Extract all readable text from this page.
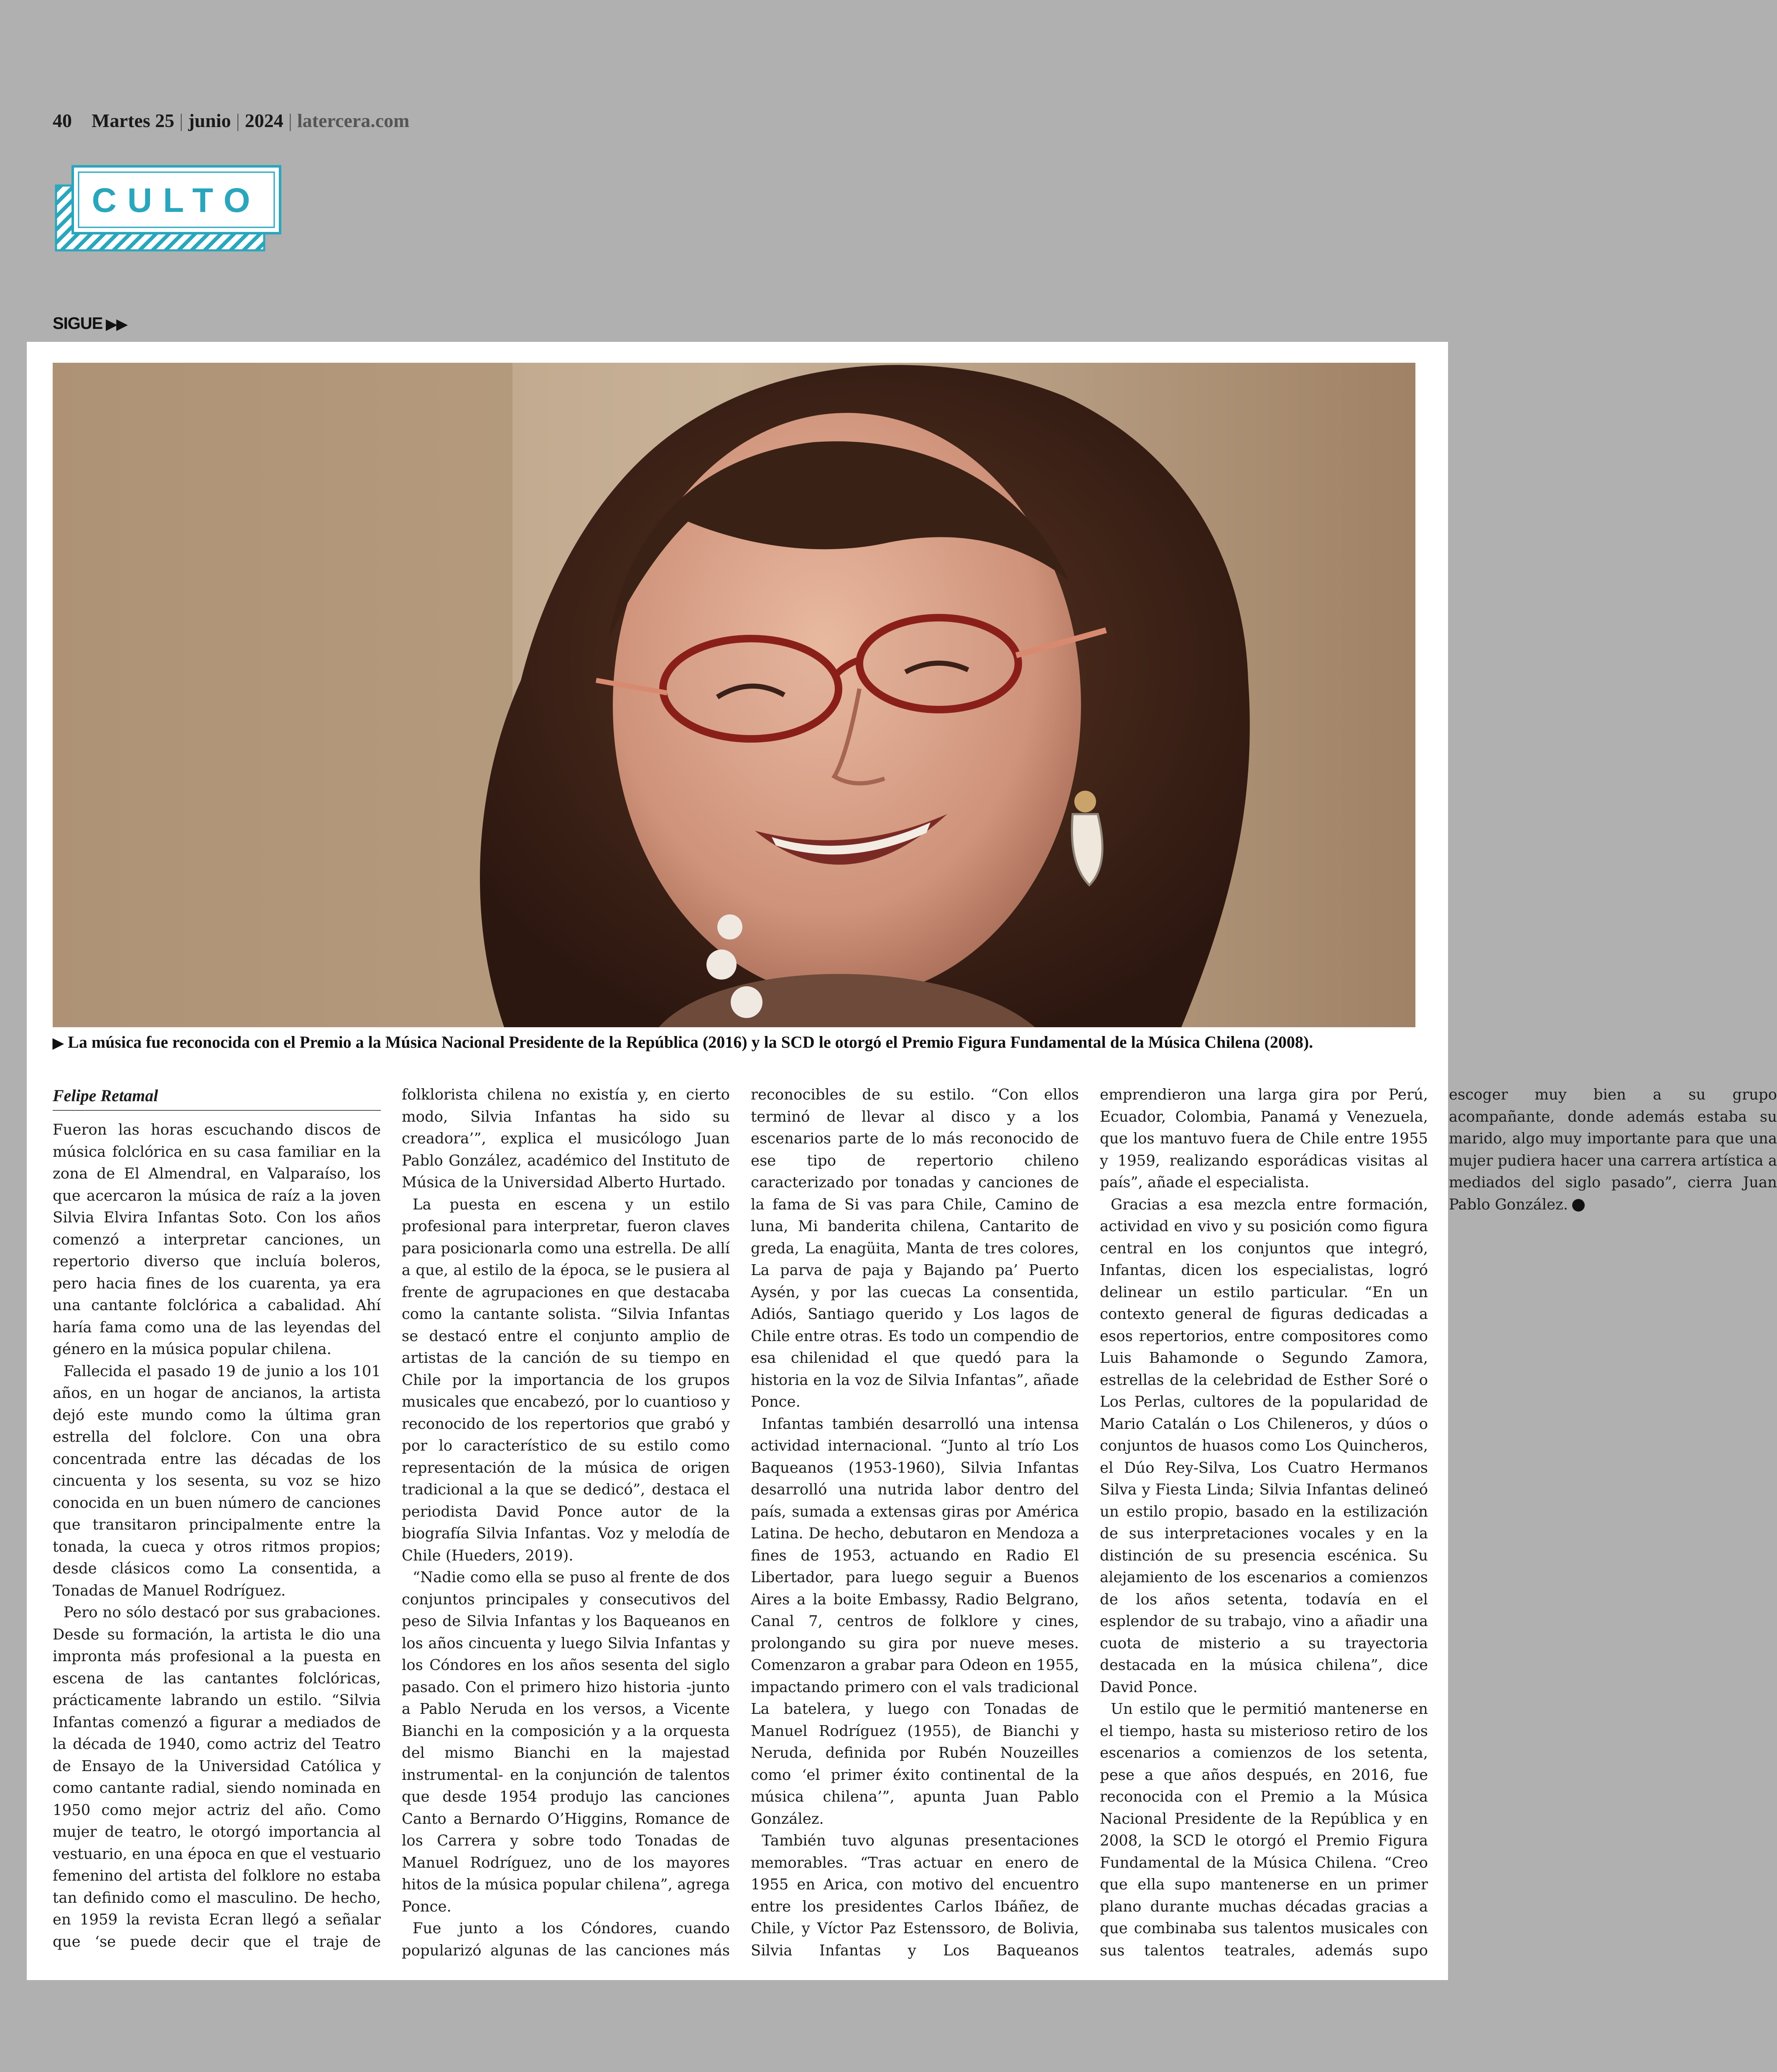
40 Martes 25 | junio | 2024 | latercera.com
CULTO
SIGUE ▶▶
▶ La música fue reconocida con el Premio a la Música Nacional Presidente de la República (2016) y la SCD le otorgó el Premio Figura Fundamental de la Música Chilena (2008).
Felipe Retamal

Fueron las horas escuchando discos de música folclórica en su casa familiar en la zona de El Almendral, en Valparaíso, los que acercaron la música de raíz a la joven Silvia Elvira Infantas Soto. Con los años comenzó a interpretar canciones, un repertorio diverso que incluía boleros, pero hacia fines de los cuarenta, ya era una cantante folclórica a cabalidad. Ahí haría fama como una de las leyendas del género en la música popular chilena.

Fallecida el pasado 19 de junio a los 101 años, en un hogar de ancianos, la artista dejó este mundo como la última gran estrella del folclore. Con una obra concentrada entre las décadas de los cincuenta y los sesenta, su voz se hizo conocida en un buen número de canciones que transitaron principalmente entre la tonada, la cueca y otros ritmos propios; desde clásicos como La consentida, a Tonadas de Manuel Rodríguez.

Pero no sólo destacó por sus grabaciones. Desde su formación, la artista le dio una impronta más profesional a la puesta en escena de las cantantes folclóricas, prácticamente labrando un estilo. “Silvia Infantas comenzó a figurar a mediados de la década de 1940, como actriz del Teatro de Ensayo de la Universidad Católica y como cantante radial, siendo nominada en 1950 como mejor actriz del año. Como mujer de teatro, le otorgó importancia al vestuario, en una época en que el vestuario femenino del artista del folklore no estaba tan definido como el masculino. De hecho, en 1959 la revista Ecran llegó a señalar que ‘se puede decir que el traje de folklorista chilena no existía y, en cierto modo, Silvia Infantas ha sido su creadora’”, explica el musicólogo Juan Pablo González, académico del Instituto de Música de la Universidad Alberto Hurtado.

La puesta en escena y un estilo profesional para interpretar, fueron claves para posicionarla como una estrella. De allí a que, al estilo de la época, se le pusiera al frente de agrupaciones en que destacaba como la cantante solista. “Silvia Infantas se destacó entre el conjunto amplio de artistas de la canción de su tiempo en Chile por la importancia de los grupos musicales que encabezó, por lo cuantioso y reconocido de los repertorios que grabó y por lo característico de su estilo como representación de la música de origen tradicional a la que se dedicó”, destaca el periodista David Ponce autor de la biografía Silvia Infantas. Voz y melodía de Chile (Hueders, 2019).

“Nadie como ella se puso al frente de dos conjuntos principales y consecutivos del peso de Silvia Infantas y los Baqueanos en los años cincuenta y luego Silvia Infantas y los Cóndores en los años sesenta del siglo pasado. Con el primero hizo historia -junto a Pablo Neruda en los versos, a Vicente Bianchi en la composición y a la orquesta del mismo Bianchi en la majestad instrumental- en la conjunción de talentos que desde 1954 produjo las canciones Canto a Bernardo O’Higgins, Romance de los Carrera y sobre todo Tonadas de Manuel Rodríguez, uno de los mayores hitos de la música popular chilena”, agrega Ponce.

Fue junto a los Cóndores, cuando popularizó algunas de las canciones más reconocibles de su estilo. “Con ellos terminó de llevar al disco y a los escenarios parte de lo más reconocido de ese tipo de repertorio chileno caracterizado por tonadas y canciones de la fama de Si vas para Chile, Camino de luna, Mi banderita chilena, Cantarito de greda, La enagüita, Manta de tres colores, La parva de paja y Bajando pa’ Puerto Aysén, y por las cuecas La consentida, Adiós, Santiago querido y Los lagos de Chile entre otras. Es todo un compendio de esa chilenidad el que quedó para la historia en la voz de Silvia Infantas”, añade Ponce.

Infantas también desarrolló una intensa actividad internacional. “Junto al trío Los Baqueanos (1953-1960), Silvia Infantas desarrolló una nutrida labor dentro del país, sumada a extensas giras por América Latina. De hecho, debutaron en Mendoza a fines de 1953, actuando en Radio El Libertador, para luego seguir a Buenos Aires a la boite Embassy, Radio Belgrano, Canal 7, centros de folklore y cines, prolongando su gira por nueve meses. Comenzaron a grabar para Odeon en 1955, impactando primero con el vals tradicional La batelera, y luego con Tonadas de Manuel Rodríguez (1955), de Bianchi y Neruda, definida por Rubén Nouzeilles como ‘el primer éxito continental de la música chilena’”, apunta Juan Pablo González.

También tuvo algunas presentaciones memorables. “Tras actuar en enero de 1955 en Arica, con motivo del encuentro entre los presidentes Carlos Ibáñez, de Chile, y Víctor Paz Estenssoro, de Bolivia, Silvia Infantas y Los Baqueanos emprendieron una larga gira por Perú, Ecuador, Colombia, Panamá y Venezuela, que los mantuvo fuera de Chile entre 1955 y 1959, realizando esporádicas visitas al país”, añade el especialista.

Gracias a esa mezcla entre formación, actividad en vivo y su posición como figura central en los conjuntos que integró, Infantas, dicen los especialistas, logró delinear un estilo particular. “En un contexto general de figuras dedicadas a esos repertorios, entre compositores como Luis Bahamonde o Segundo Zamora, estrellas de la celebridad de Esther Soré o Los Perlas, cultores de la popularidad de Mario Catalán o Los Chileneros, y dúos o conjuntos de huasos como Los Quincheros, el Dúo Rey-Silva, Los Cuatro Hermanos Silva y Fiesta Linda; Silvia Infantas delineó un estilo propio, basado en la estilización de sus interpretaciones vocales y en la distinción de su presencia escénica. Su alejamiento de los escenarios a comienzos de los años setenta, todavía en el esplendor de su trabajo, vino a añadir una cuota de misterio a su trayectoria destacada en la música chilena”, dice David Ponce.

Un estilo que le permitió mantenerse en el tiempo, hasta su misterioso retiro de los escenarios a comienzos de los setenta, pese a que años después, en 2016, fue reconocida con el Premio a la Música Nacional Presidente de la República y en 2008, la SCD le otorgó el Premio Figura Fundamental de la Música Chilena. “Creo que ella supo mantenerse en un primer plano durante muchas décadas gracias a que combinaba sus talentos musicales con sus talentos teatrales, además supo escoger muy bien a su grupo acompañante, donde además estaba su marido, algo muy importante para que una mujer pudiera hacer una carrera artística a mediados del siglo pasado”, cierra Juan Pablo González.
